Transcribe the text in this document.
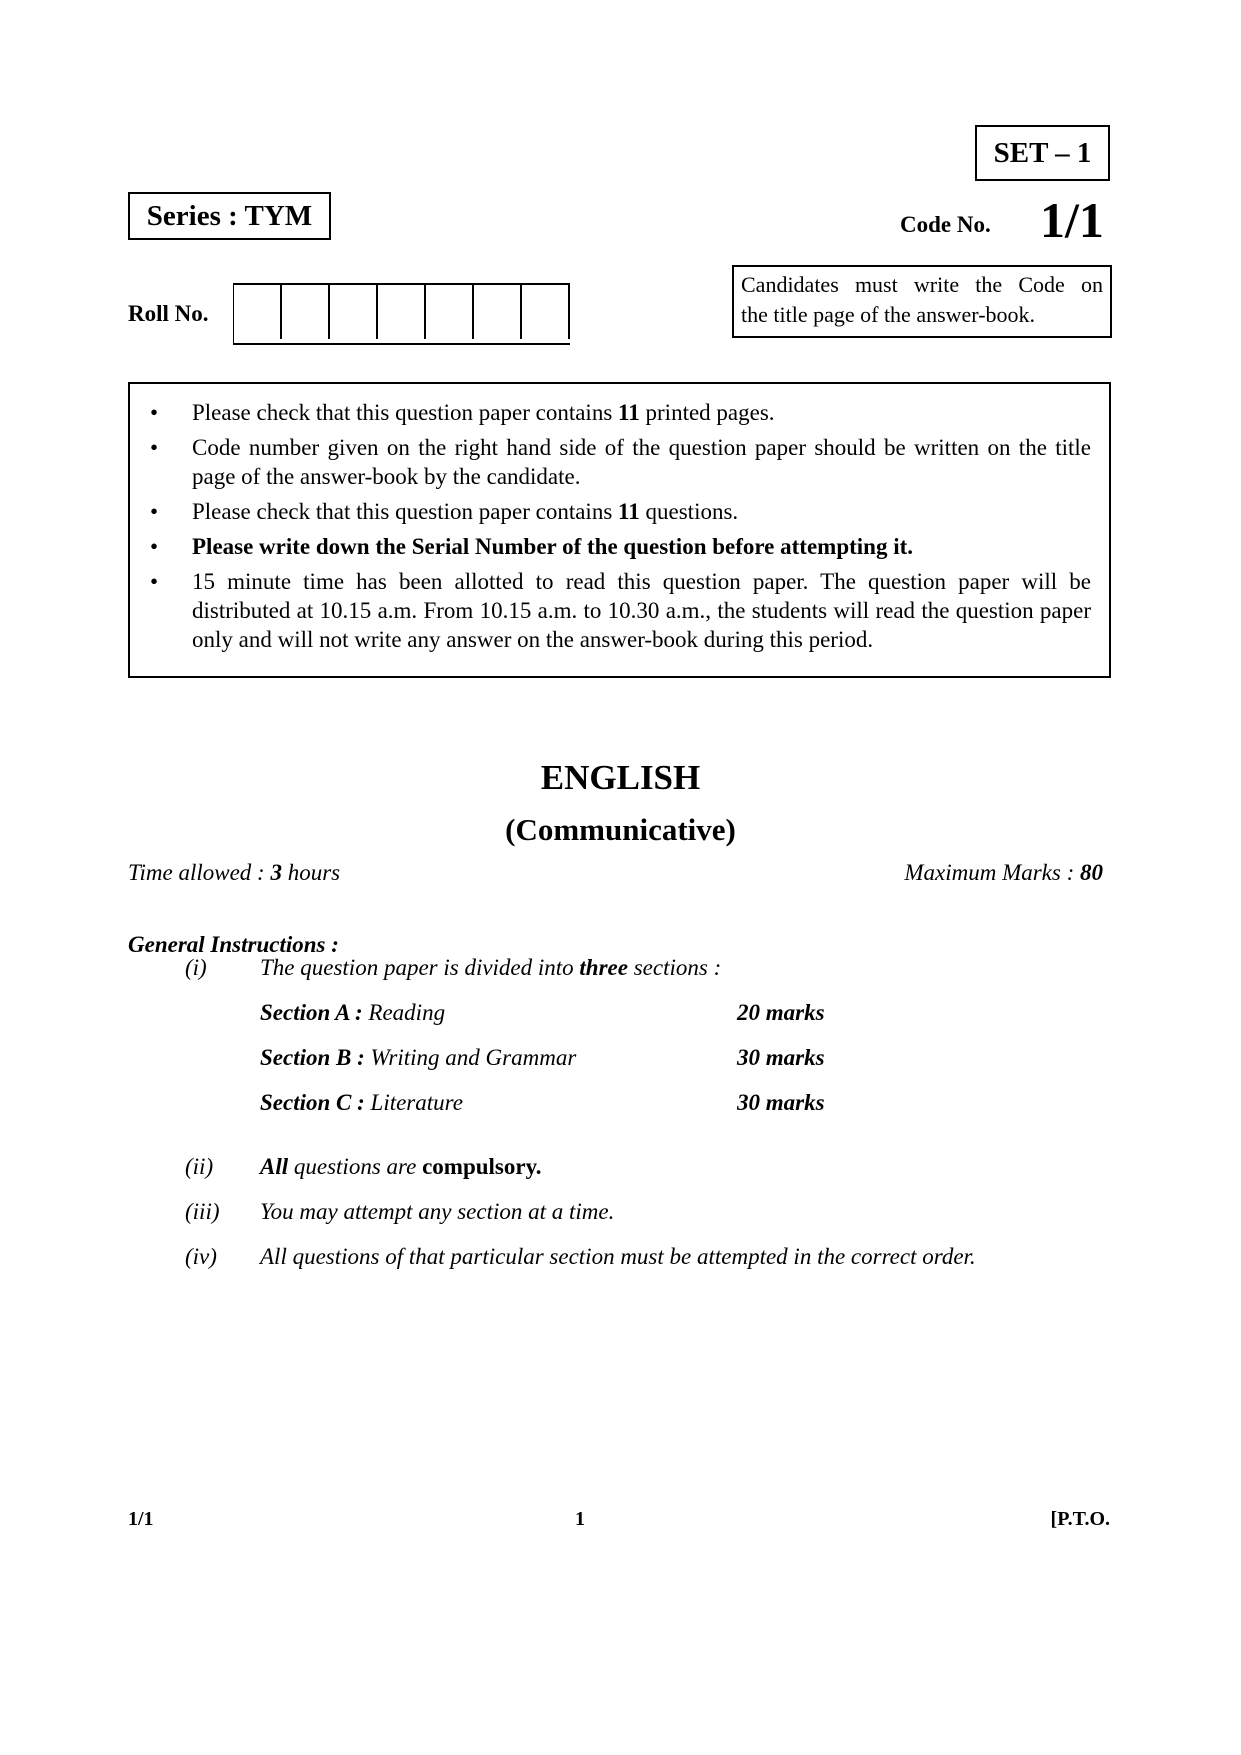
SET – 1
Series : TYM	Code No. 1/1
Candidates must write the Code on
the title page of the answer-book.
Roll No.
• Please check that this question paper contains 11 printed pages.
• Code number given on the right hand side of the question paper should be written on the title page of the answer-book by the candidate.
• Please check that this question paper contains 11 questions.
• Please write down the Serial Number of the question before attempting it.
• 15 minute time has been allotted to read this question paper. The question paper will be distributed at 10.15 a.m. From 10.15 a.m. to 10.30 a.m., the students will read the question paper only and will not write any answer on the answer-book during this period.
ENGLISH
(Communicative)
Time allowed : 3 hours	Maximum Marks : 80
General Instructions :
(i) The question paper is divided into three sections :
Section A : Reading	20 marks
Section B : Writing and Grammar	30 marks
Section C : Literature	30 marks
(ii) All questions are compulsory.
(iii) You may attempt any section at a time.
(iv) All questions of that particular section must be attempted in the correct order.
1/1	1	[P.T.O.
